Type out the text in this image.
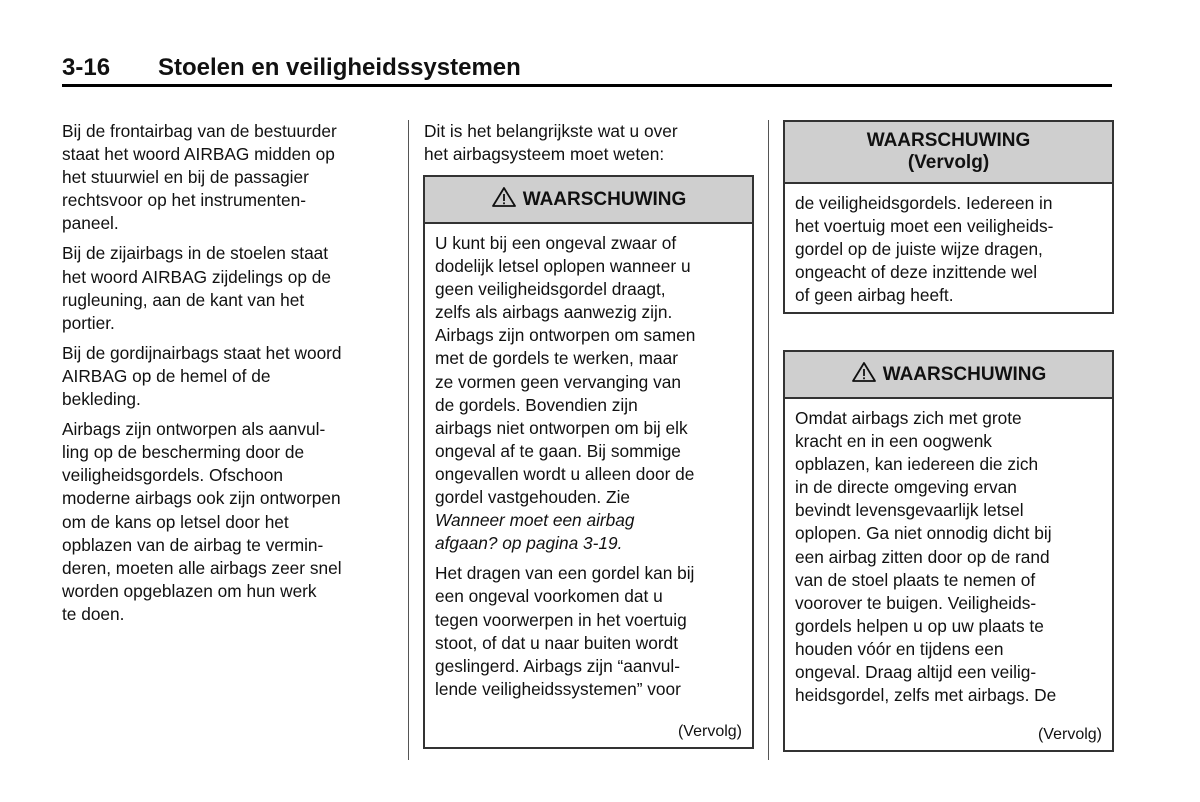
3-16 Stoelen en veiligheidssystemen

Bij de frontairbag van de bestuurder
staat het woord AIRBAG midden op
het stuurwiel en bij de passagier
rechtsvoor op het instrumenten-
paneel.

Bij de zijairbags in de stoelen staat
het woord AIRBAG zijdelings op de
rugleuning, aan de kant van het
portier.

Bij de gordijnairbags staat het woord
AIRBAG op de hemel of de
bekleding.

Airbags zijn ontworpen als aanvul-
ling op de bescherming door de
veiligheidsgordels. Ofschoon
moderne airbags ook zijn ontworpen
om de kans op letsel door het
opblazen van de airbag te vermin-
deren, moeten alle airbags zeer snel
worden opgeblazen om hun werk
te doen.

Dit is het belangrijkste wat u over
het airbagsysteem moet weten:

WAARSCHUWING

U kunt bij een ongeval zwaar of
dodelijk letsel oplopen wanneer u
geen veiligheidsgordel draagt,
zelfs als airbags aanwezig zijn.
Airbags zijn ontworpen om samen
met de gordels te werken, maar
ze vormen geen vervanging van
de gordels. Bovendien zijn
airbags niet ontworpen om bij elk
ongeval af te gaan. Bij sommige
ongevallen wordt u alleen door de
gordel vastgehouden. Zie
Wanneer moet een airbag
afgaan? op pagina 3-19.

Het dragen van een gordel kan bij
een ongeval voorkomen dat u
tegen voorwerpen in het voertuig
stoot, of dat u naar buiten wordt
geslingerd. Airbags zijn “aanvul-
lende veiligheidssystemen” voor

(Vervolg)
WAARSCHUWING
(Vervolg)

de veiligheidsgordels. Iedereen in
het voertuig moet een veiligheids-
gordel op de juiste wijze dragen,
ongeacht of deze inzittende wel
of geen airbag heeft.

WAARSCHUWING

Omdat airbags zich met grote
kracht en in een oogwenk
opblazen, kan iedereen die zich
in de directe omgeving ervan
bevindt levensgevaarlijk letsel
oplopen. Ga niet onnodig dicht bij
een airbag zitten door op de rand
van de stoel plaats te nemen of
voorover te buigen. Veiligheids-
gordels helpen u op uw plaats te
houden vóór en tijdens een
ongeval. Draag altijd een veilig-
heidsgordel, zelfs met airbags. De

(Vervolg)
